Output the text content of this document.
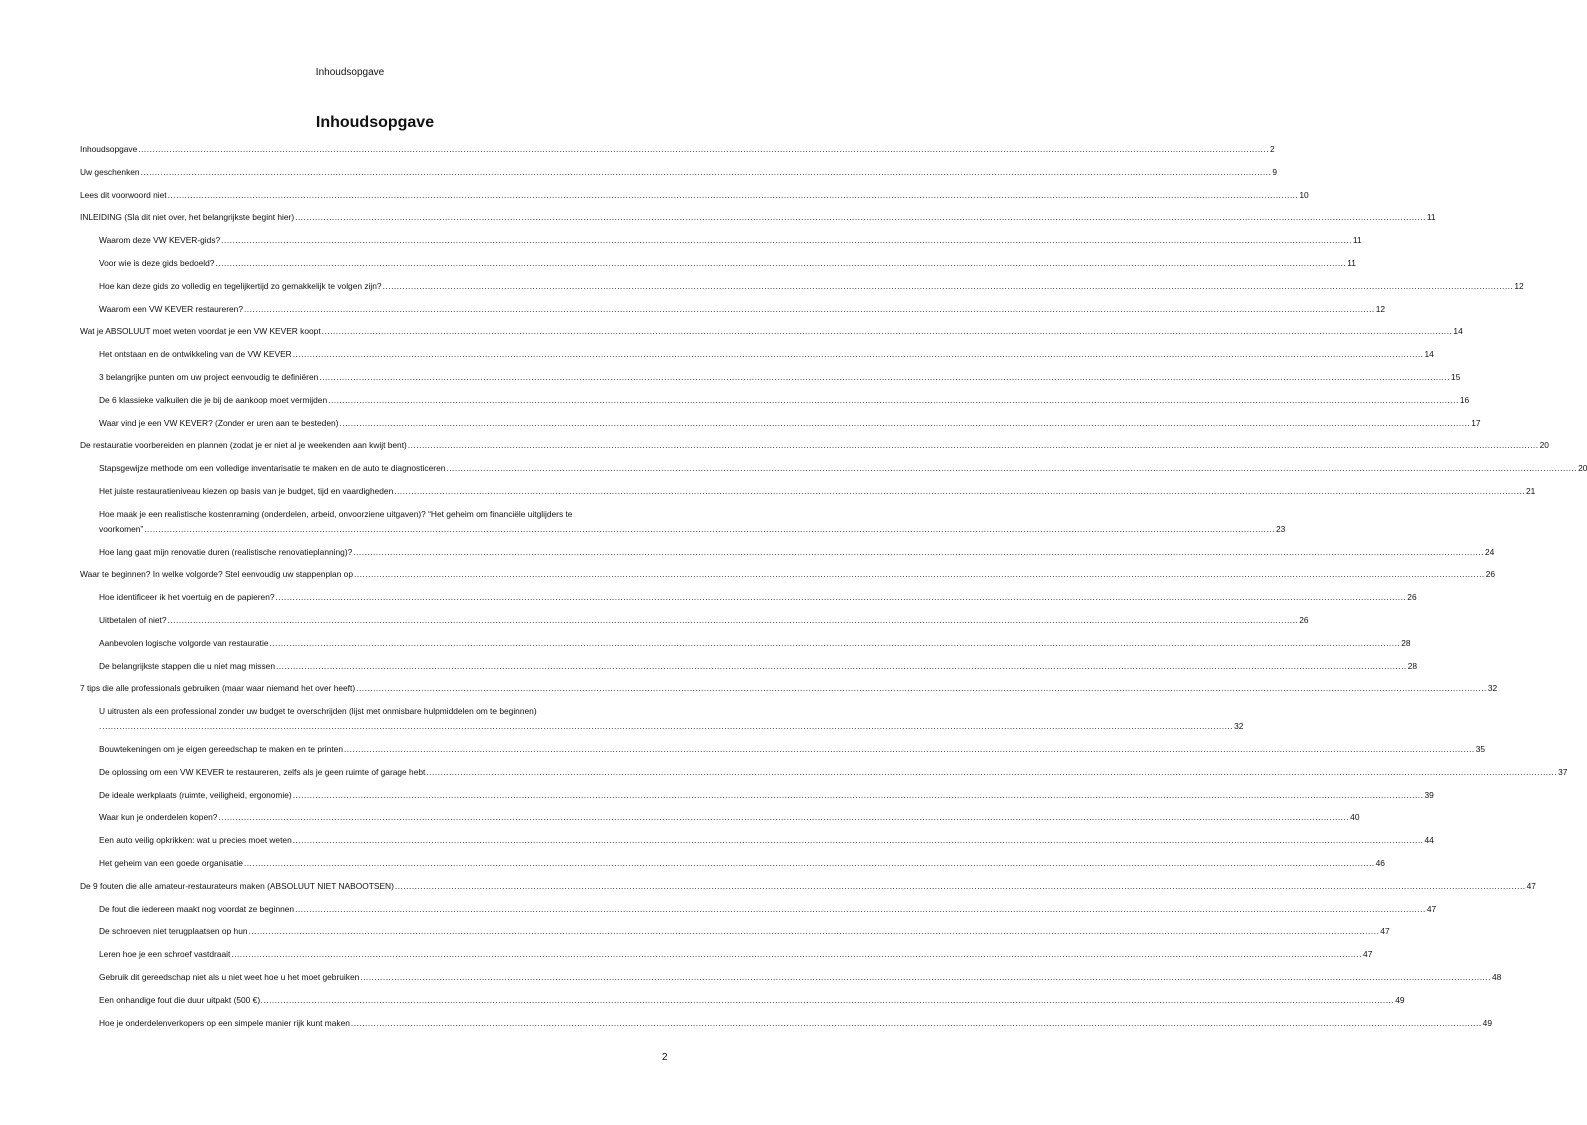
Inhoudsopgave
Inhoudsopgave
Inhoudsopgave ................................................................................................................................................................................................................................................................................................................................................................................................................ 2
Uw geschenken ................................................................................................................................................................................................................................................................................................................................................................................................................ 9
Lees dit voorwoord niet ................................................................................................................................................................................................................................................................................................................................................................................................................ 10
INLEIDING (Sla dit niet over, het belangrijkste begint hier) ................................................................................................................................................................................................................................................................................................................................................................................................................ 11
Waarom deze VW KEVER-gids? ................................................................................................................................................................................................................................................................................................................................................................................................................ 11
Voor wie is deze gids bedoeld? ................................................................................................................................................................................................................................................................................................................................................................................................................ 11
Hoe kan deze gids zo volledig en tegelijkertijd zo gemakkelijk te volgen zijn? ................................................................................................................................................................................................................................................................................................................................................................................................................ 12
Waarom een VW KEVER restaureren? ................................................................................................................................................................................................................................................................................................................................................................................................................ 12
Wat je ABSOLUUT moet weten voordat je een VW KEVER koopt ................................................................................................................................................................................................................................................................................................................................................................................................................ 14
Het ontstaan en de ontwikkeling van de VW KEVER ................................................................................................................................................................................................................................................................................................................................................................................................................ 14
3 belangrijke punten om uw project eenvoudig te definiëren ................................................................................................................................................................................................................................................................................................................................................................................................................ 15
De 6 klassieke valkuilen die je bij de aankoop moet vermijden ................................................................................................................................................................................................................................................................................................................................................................................................................ 16
Waar vind je een VW KEVER? (Zonder er uren aan te besteden) ................................................................................................................................................................................................................................................................................................................................................................................................................ 17
De restauratie voorbereiden en plannen (zodat je er niet al je weekenden aan kwijt bent) ................................................................................................................................................................................................................................................................................................................................................................................................................ 20
Stapsgewijze methode om een volledige inventarisatie te maken en de auto te diagnosticeren ................................................................................................................................................................................................................................................................................................................................................................................................................ 20
Het juiste restauratieniveau kiezen op basis van je budget, tijd en vaardigheden ................................................................................................................................................................................................................................................................................................................................................................................................................ 21
Hoe maak je een realistische kostenraming (onderdelen, arbeid, onvoorziene uitgaven)? “Het geheim om financiële uitglijders te
voorkomen” ................................................................................................................................................................................................................................................................................................................................................................................................................ 23
Hoe lang gaat mijn renovatie duren (realistische renovatieplanning)? ................................................................................................................................................................................................................................................................................................................................................................................................................ 24
Waar te beginnen? In welke volgorde? Stel eenvoudig uw stappenplan op ................................................................................................................................................................................................................................................................................................................................................................................................................ 26
Hoe identificeer ik het voertuig en de papieren? ................................................................................................................................................................................................................................................................................................................................................................................................................ 26
Uitbetalen of niet? ................................................................................................................................................................................................................................................................................................................................................................................................................ 26
Aanbevolen logische volgorde van restauratie ................................................................................................................................................................................................................................................................................................................................................................................................................ 28
De belangrijkste stappen die u niet mag missen ................................................................................................................................................................................................................................................................................................................................................................................................................ 28
7 tips die alle professionals gebruiken (maar waar niemand het over heeft) ................................................................................................................................................................................................................................................................................................................................................................................................................ 32
U uitrusten als een professional zonder uw budget te overschrijden (lijst met onmisbare hulpmiddelen om te beginnen)
. ................................................................................................................................................................................................................................................................................................................................................................................................................ 32
Bouwtekeningen om je eigen gereedschap te maken en te printen ................................................................................................................................................................................................................................................................................................................................................................................................................ 35
De oplossing om een VW KEVER te restaureren, zelfs als je geen ruimte of garage hebt ................................................................................................................................................................................................................................................................................................................................................................................................................ 37
De ideale werkplaats (ruimte, veiligheid, ergonomie) ................................................................................................................................................................................................................................................................................................................................................................................................................ 39
Waar kun je onderdelen kopen? ................................................................................................................................................................................................................................................................................................................................................................................................................ 40
Een auto veilig opkrikken: wat u precies moet weten ................................................................................................................................................................................................................................................................................................................................................................................................................ 44
Het geheim van een goede organisatie ................................................................................................................................................................................................................................................................................................................................................................................................................ 46
De 9 fouten die alle amateur-restaurateurs maken (ABSOLUUT NIET NABOOTSEN) ................................................................................................................................................................................................................................................................................................................................................................................................................ 47
De fout die iedereen maakt nog voordat ze beginnen ................................................................................................................................................................................................................................................................................................................................................................................................................ 47
De schroeven niet terugplaatsen op hun ................................................................................................................................................................................................................................................................................................................................................................................................................ 47
Leren hoe je een schroef vastdraait ................................................................................................................................................................................................................................................................................................................................................................................................................ 47
Gebruik dit gereedschap niet als u niet weet hoe u het moet gebruiken ................................................................................................................................................................................................................................................................................................................................................................................................................ 48
Een onhandige fout die duur uitpakt (500 €). ................................................................................................................................................................................................................................................................................................................................................................................................................ 49
Hoe je onderdelenverkopers op een simpele manier rijk kunt maken ................................................................................................................................................................................................................................................................................................................................................................................................................ 49
2
